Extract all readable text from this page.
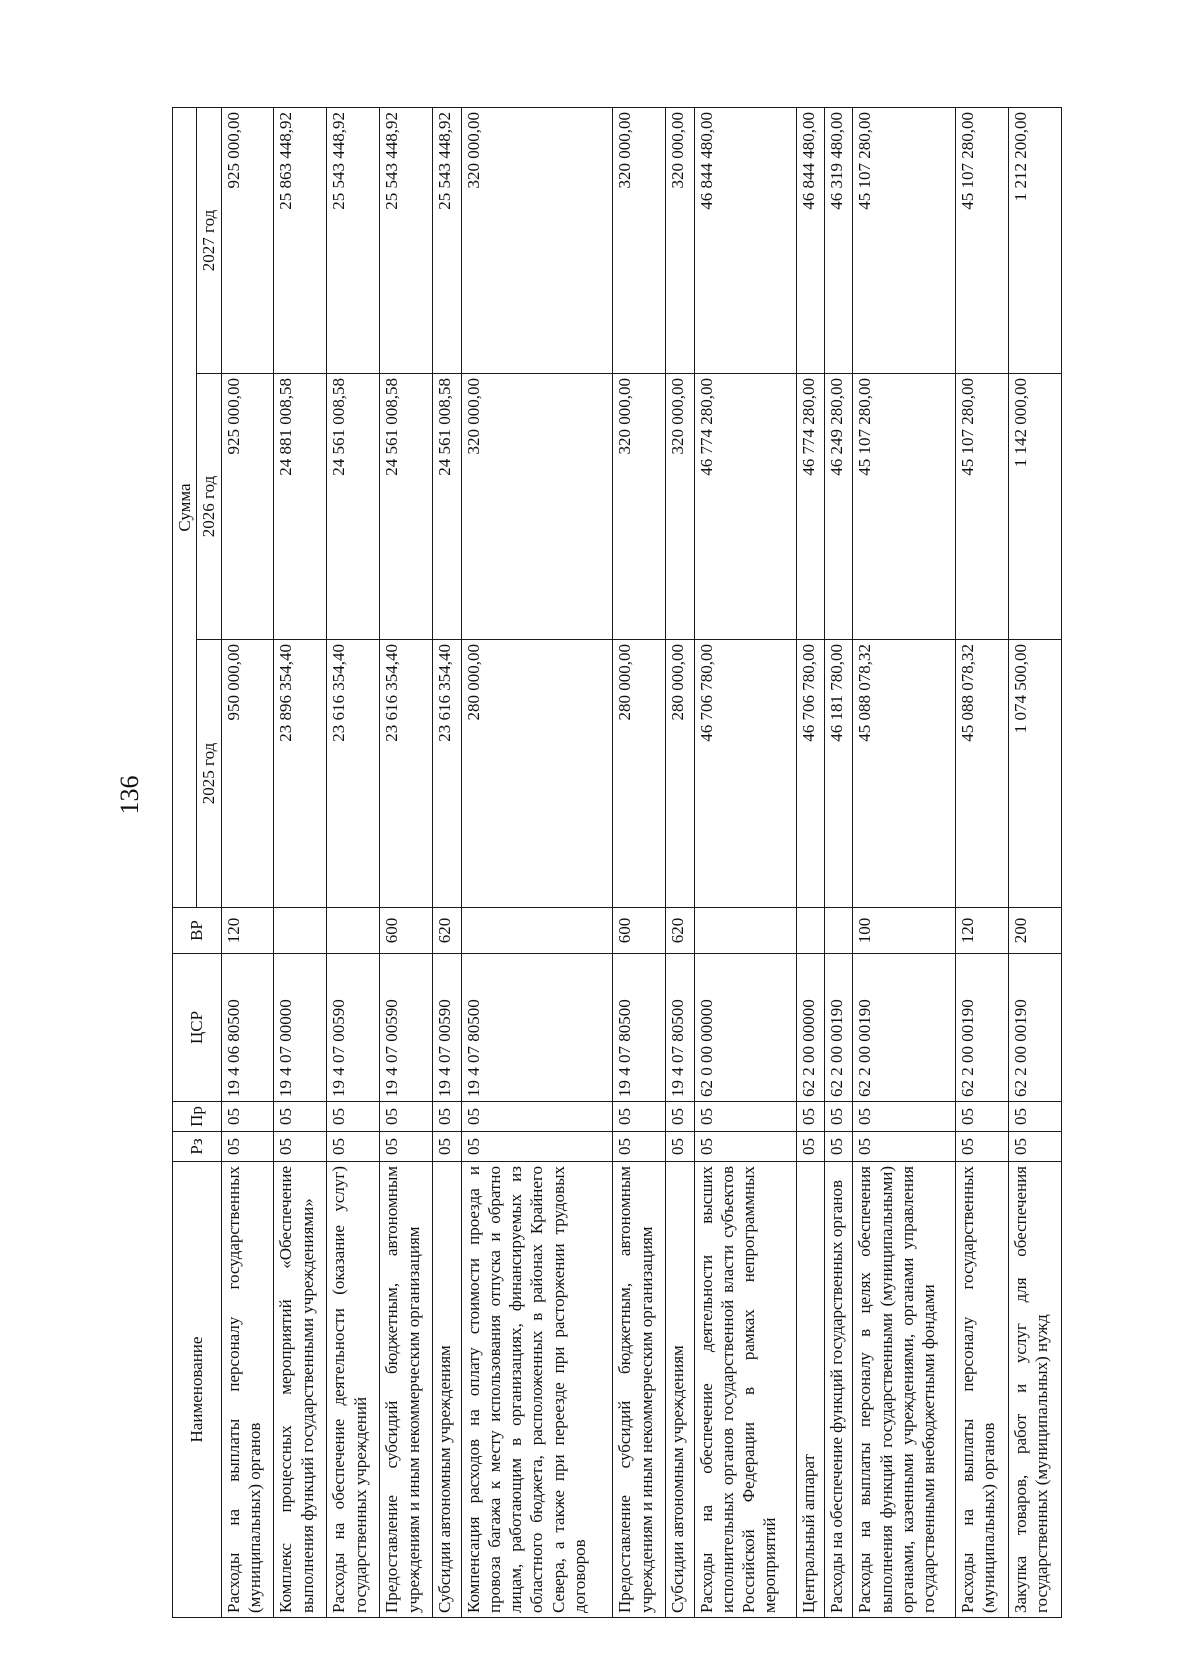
136
Наименование	Рз	Пр	ЦСР	ВР	Сумма		
					2025 год	2026 год	2027 год
Расходы на выплаты персоналу государственных (муниципальных) органов	05	05	19 4 06 80500	120	950 000,00	925 000,00	925 000,00
Комплекс процессных мероприятий «Обеспечение выполнения функций государственными учреждениями»	05	05	19 4 07 00000		23 896 354,40	24 881 008,58	25 863 448,92
Расходы на обеспечение деятельности (оказание услуг) государственных учреждений	05	05	19 4 07 00590		23 616 354,40	24 561 008,58	25 543 448,92
Предоставление субсидий бюджетным, автономным учреждениям и иным некоммерческим организациям	05	05	19 4 07 00590	600	23 616 354,40	24 561 008,58	25 543 448,92
Субсидии автономным учреждениям	05	05	19 4 07 00590	620	23 616 354,40	24 561 008,58	25 543 448,92
Компенсация расходов на оплату стоимости проезда и провоза багажа к месту использования отпуска и обратно лицам, работающим в организациях, финансируемых из областного бюджета, расположенных в районах Крайнего Севера, а также при переезде при расторжении трудовых договоров	05	05	19 4 07 80500		280 000,00	320 000,00	320 000,00
Предоставление субсидий бюджетным, автономным учреждениям и иным некоммерческим организациям	05	05	19 4 07 80500	600	280 000,00	320 000,00	320 000,00
Субсидии автономным учреждениям	05	05	19 4 07 80500	620	280 000,00	320 000,00	320 000,00
Расходы на обеспечение деятельности высших исполнительных органов государственной власти субъектов Российской Федерации в рамках непрограммных мероприятий	05	05	62 0 00 00000		46 706 780,00	46 774 280,00	46 844 480,00
Центральный аппарат	05	05	62 2 00 00000		46 706 780,00	46 774 280,00	46 844 480,00
Расходы на обеспечение функций государственных органов	05	05	62 2 00 00190		46 181 780,00	46 249 280,00	46 319 480,00
Расходы на выплаты персоналу в целях обеспечения выполнения функций государственными (муниципальными) органами, казенными учреждениями, органами управления государственными внебюджетными фондами	05	05	62 2 00 00190	100	45 088 078,32	45 107 280,00	45 107 280,00
Расходы на выплаты персоналу государственных (муниципальных) органов	05	05	62 2 00 00190	120	45 088 078,32	45 107 280,00	45 107 280,00
Закупка товаров, работ и услуг для обеспечения государственных (муниципальных) нужд	05	05	62 2 00 00190	200	1 074 500,00	1 142 000,00	1 212 200,00
